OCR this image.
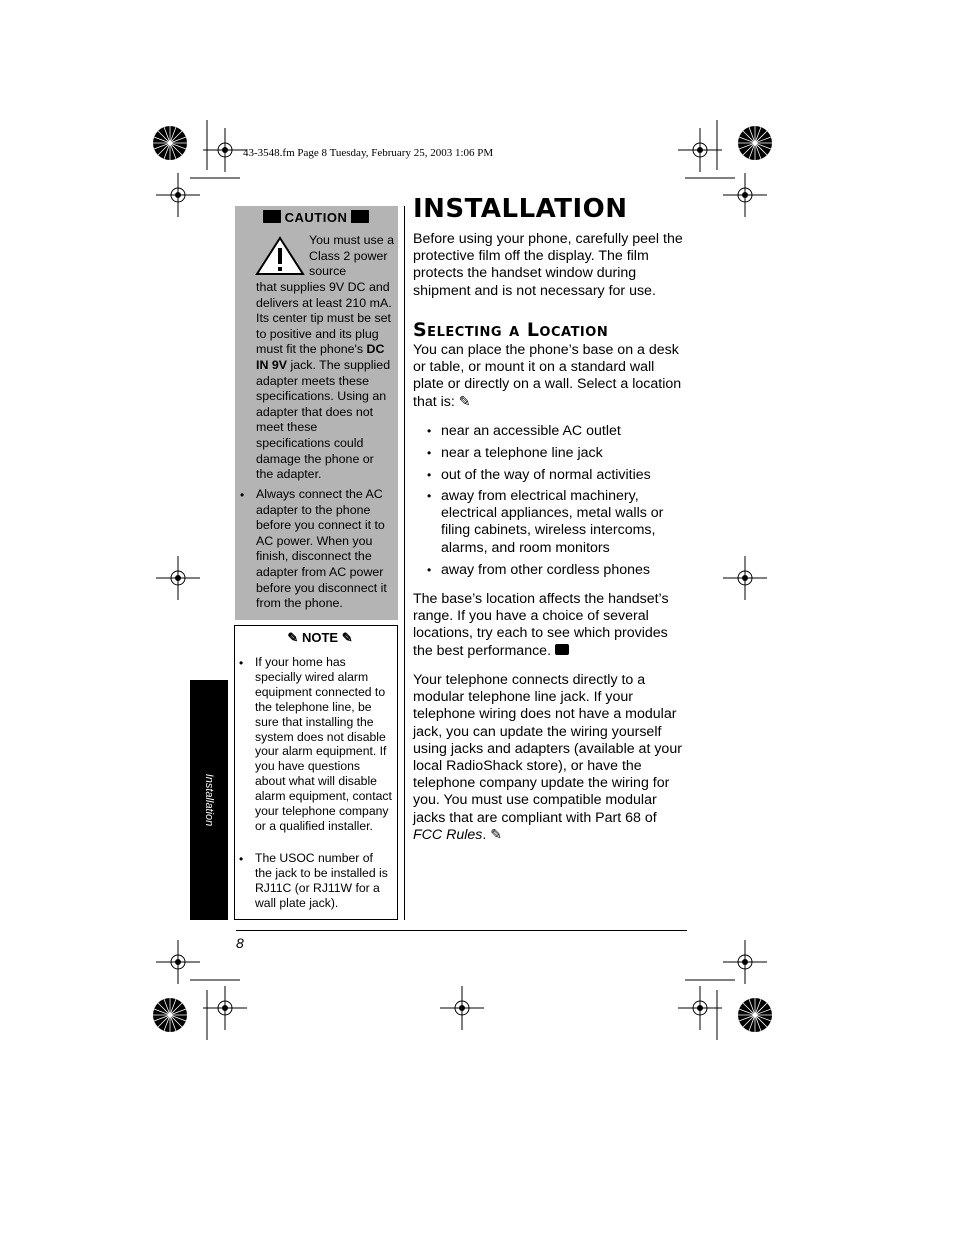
43-3548.fm Page 8 Tuesday, February 25, 2003 1:06 PM
CAUTION
You must use a Class 2 power source
that supplies 9V DC and delivers at least 210 mA. Its center tip must be set to positive and its plug must fit the phone's DC IN 9V jack. The supplied adapter meets these specifications. Using an adapter that does not meet these specifications could damage the phone or the adapter.
• Always connect the AC adapter to the phone before you connect it to AC power. When you finish, disconnect the adapter from AC power before you disconnect it from the phone.
✎ NOTE ✎
• If your home has specially wired alarm equipment connected to the telephone line, be sure that installing the system does not disable your alarm equipment. If you have questions about what will disable alarm equipment, contact your telephone company or a qualified installer.
• The USOC number of the jack to be installed is RJ11C (or RJ11W for a wall plate jack).
Installation
INSTALLATION
Before using your phone, carefully peel the protective film off the display. The film protects the handset window during shipment and is not necessary for use.
Selecting a Location
You can place the phone’s base on a desk or table, or mount it on a standard wall plate or directly on a wall. Select a location that is: ✎
• near an accessible AC outlet
• near a telephone line jack
• out of the way of normal activities
• away from electrical machinery, electrical appliances, metal walls or filing cabinets, wireless intercoms, alarms, and room monitors
• away from other cordless phones
The base’s location affects the handset’s range. If you have a choice of several locations, try each to see which provides the best performance.
Your telephone connects directly to a modular telephone line jack. If your telephone wiring does not have a modular jack, you can update the wiring yourself using jacks and adapters (available at your local RadioShack store), or have the telephone company update the wiring for you. You must use compatible modular jacks that are compliant with Part 68 of FCC Rules. ✎
8
